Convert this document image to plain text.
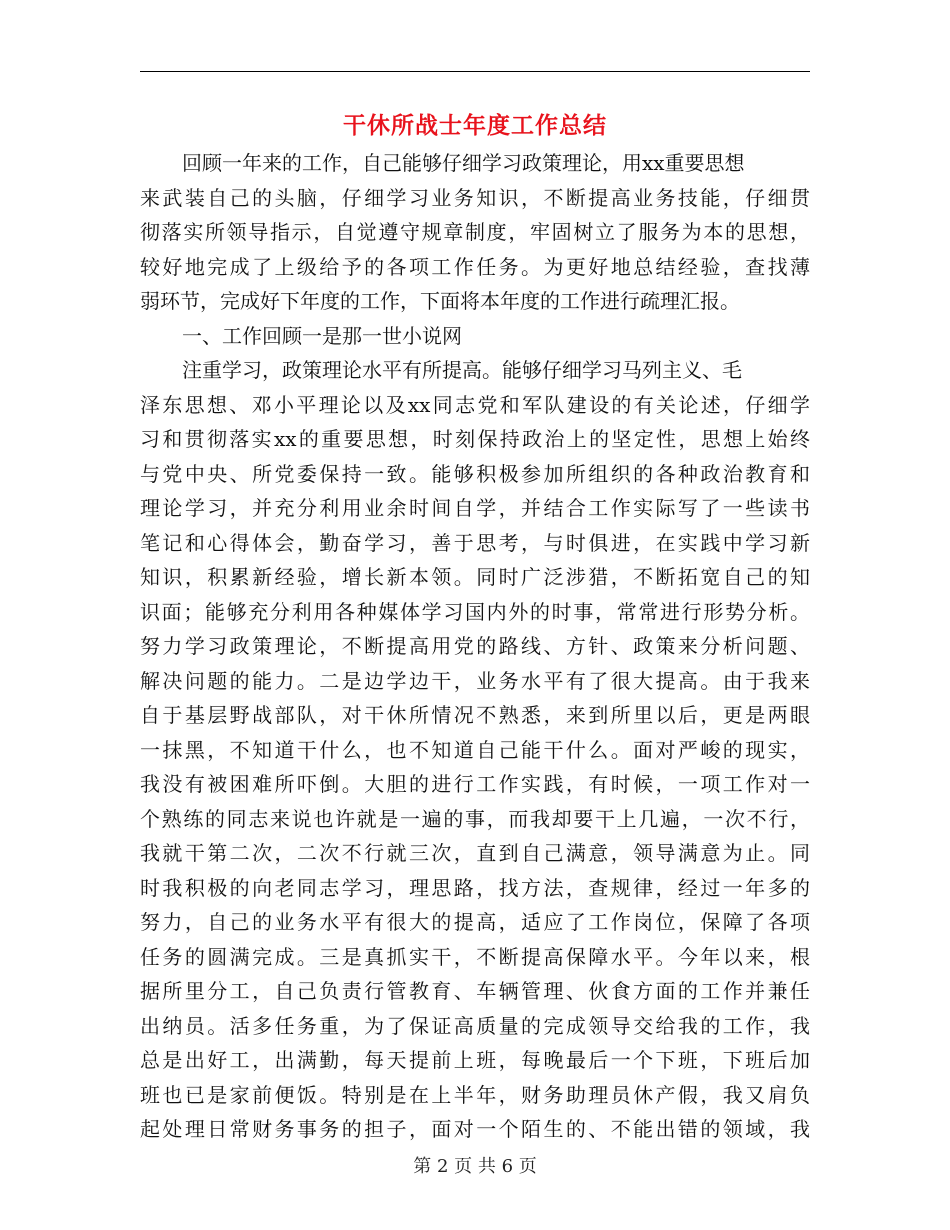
干休所战士年度工作总结
回顾一年来的工作，自己能够仔细学习政策理论，用xx重要思想
来武装自己的头脑，仔细学习业务知识，不断提高业务技能，仔细贯
彻落实所领导指示，自觉遵守规章制度，牢固树立了服务为本的思想，
较好地完成了上级给予的各项工作任务。为更好地总结经验，查找薄
弱环节，完成好下年度的工作，下面将本年度的工作进行疏理汇报。
一、工作回顾一是那一世小说网
注重学习，政策理论水平有所提高。能够仔细学习马列主义、毛
泽东思想、邓小平理论以及xx同志党和军队建设的有关论述，仔细学
习和贯彻落实xx的重要思想，时刻保持政治上的坚定性，思想上始终
与党中央、所党委保持一致。能够积极参加所组织的各种政治教育和
理论学习，并充分利用业余时间自学，并结合工作实际写了一些读书
笔记和心得体会，勤奋学习，善于思考，与时俱进，在实践中学习新
知识，积累新经验，增长新本领。同时广泛涉猎，不断拓宽自己的知
识面；能够充分利用各种媒体学习国内外的时事，常常进行形势分析。
努力学习政策理论，不断提高用党的路线、方针、政策来分析问题、
解决问题的能力。二是边学边干，业务水平有了很大提高。由于我来
自于基层野战部队，对干休所情况不熟悉，来到所里以后，更是两眼
一抹黑，不知道干什么，也不知道自己能干什么。面对严峻的现实，
我没有被困难所吓倒。大胆的进行工作实践，有时候，一项工作对一
个熟练的同志来说也许就是一遍的事，而我却要干上几遍，一次不行，
我就干第二次，二次不行就三次，直到自己满意，领导满意为止。同
时我积极的向老同志学习，理思路，找方法，查规律，经过一年多的
努力，自己的业务水平有很大的提高，适应了工作岗位，保障了各项
任务的圆满完成。三是真抓实干，不断提高保障水平。今年以来，根
据所里分工，自己负责行管教育、车辆管理、伙食方面的工作并兼任
出纳员。活多任务重，为了保证高质量的完成领导交给我的工作，我
总是出好工，出满勤，每天提前上班，每晚最后一个下班，下班后加
班也已是家前便饭。特别是在上半年，财务助理员休产假，我又肩负
起处理日常财务事务的担子，面对一个陌生的、不能出错的领域，我
第 2 页 共 6 页
